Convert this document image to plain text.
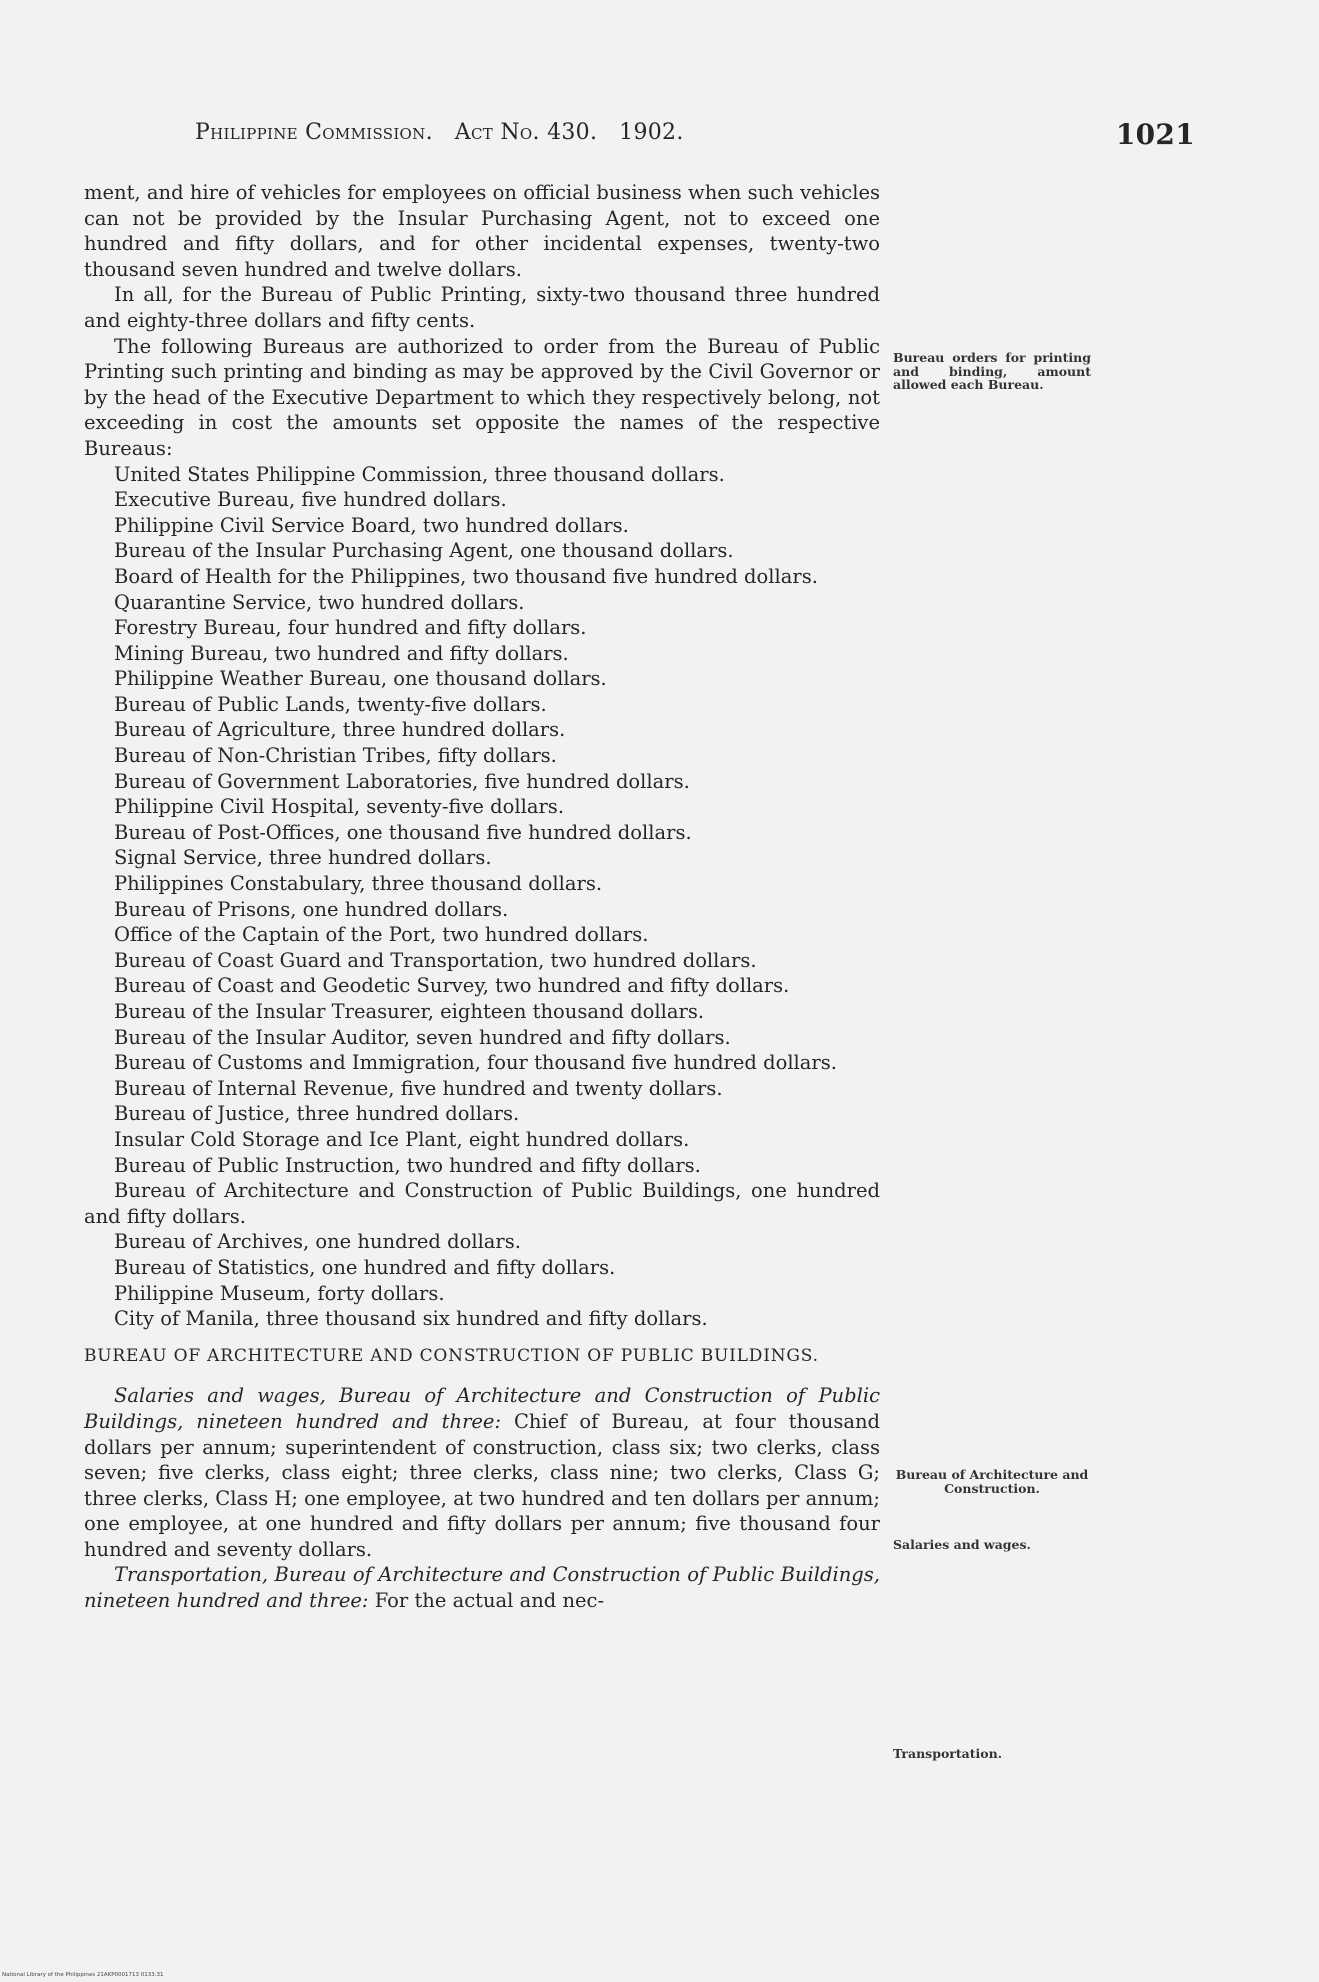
Philippine Commission. Act No. 430. 1902.	1021

ment, and hire of vehicles for employees on official business when such vehicles can not be provided by the Insular Purchasing Agent, not to exceed one hundred and fifty dollars, and for other incidental expenses, twenty-two thousand seven hundred and twelve dollars.

In all, for the Bureau of Public Printing, sixty-two thousand three hundred and eighty-three dollars and fifty cents.

The following Bureaus are authorized to order from the Bureau of Public Printing such printing and binding as may be approved by the Civil Governor or by the head of the Executive Department to which they respectively belong, not exceeding in cost the amounts set opposite the names of the respective Bureaus:

United States Philippine Commission, three thousand dollars.

Executive Bureau, five hundred dollars.

Philippine Civil Service Board, two hundred dollars.

Bureau of the Insular Purchasing Agent, one thousand dollars.

Board of Health for the Philippines, two thousand five hundred dollars.

Quarantine Service, two hundred dollars.

Forestry Bureau, four hundred and fifty dollars.

Mining Bureau, two hundred and fifty dollars.

Philippine Weather Bureau, one thousand dollars.

Bureau of Public Lands, twenty-five dollars.

Bureau of Agriculture, three hundred dollars.

Bureau of Non-Christian Tribes, fifty dollars.

Bureau of Government Laboratories, five hundred dollars.

Philippine Civil Hospital, seventy-five dollars.

Bureau of Post-Offices, one thousand five hundred dollars.

Signal Service, three hundred dollars.

Philippines Constabulary, three thousand dollars.

Bureau of Prisons, one hundred dollars.

Office of the Captain of the Port, two hundred dollars.

Bureau of Coast Guard and Transportation, two hundred dollars.

Bureau of Coast and Geodetic Survey, two hundred and fifty dollars.

Bureau of the Insular Treasurer, eighteen thousand dollars.

Bureau of the Insular Auditor, seven hundred and fifty dollars.

Bureau of Customs and Immigration, four thousand five hundred dollars.

Bureau of Internal Revenue, five hundred and twenty dollars.

Bureau of Justice, three hundred dollars.

Insular Cold Storage and Ice Plant, eight hundred dollars.

Bureau of Public Instruction, two hundred and fifty dollars.

Bureau of Architecture and Construction of Public Buildings, one hundred and fifty dollars.

Bureau of Archives, one hundred dollars.

Bureau of Statistics, one hundred and fifty dollars.

Philippine Museum, forty dollars.

City of Manila, three thousand six hundred and fifty dollars.

BUREAU OF ARCHITECTURE AND CONSTRUCTION OF PUBLIC BUILDINGS.

Salaries and wages, Bureau of Architecture and Construction of Public Buildings, nineteen hundred and three: Chief of Bureau, at four thousand dollars per annum; superintendent of construction, class six; two clerks, class seven; five clerks, class eight; three clerks, class nine; two clerks, Class G; three clerks, Class H; one employee, at two hundred and ten dollars per annum; one employee, at one hundred and fifty dollars per annum; five thousand four hundred and seventy dollars.

Transportation, Bureau of Architecture and Construction of Public Buildings, nineteen hundred and three: For the actual and nec-

Bureau orders for printing and binding, amount allowed each Bureau.
Bureau of Architecture and Construction.
Salaries and wages.
Transportation.
National Library of the Philippines 21AKP0001713 0133.31
